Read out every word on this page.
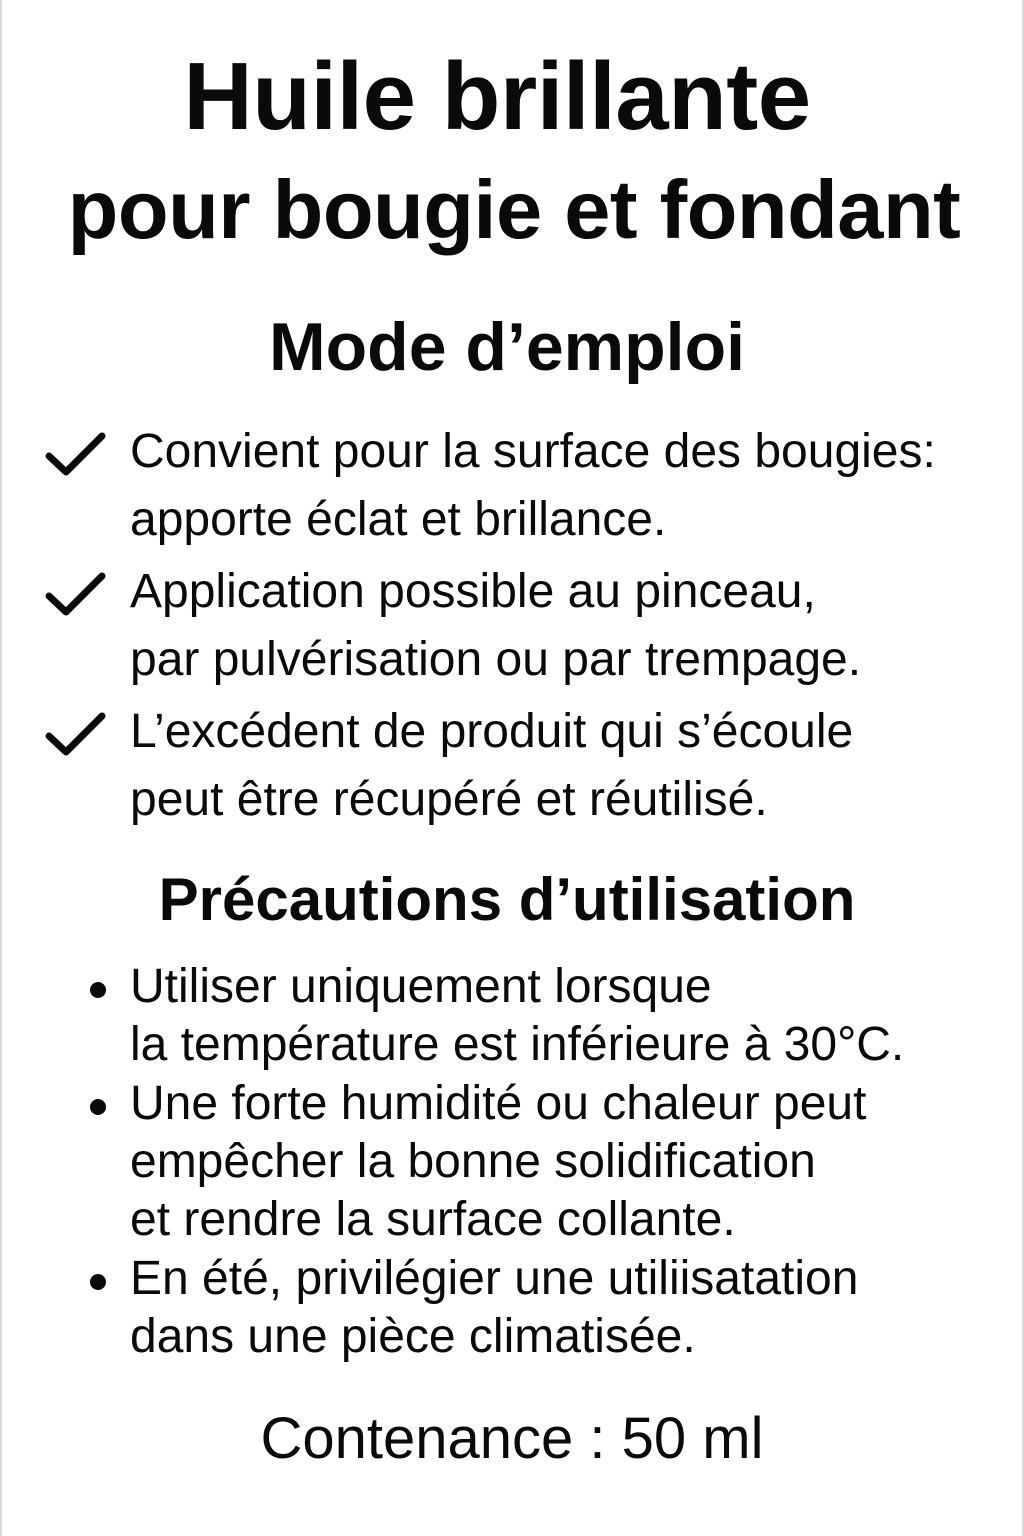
Huile brillante
pour bougie et fondant
Mode d’emploi
Convient pour la surface des bougies:
apporte éclat et brillance.
Application possible au pinceau,
par pulvérisation ou par trempage.
L’excédent de produit qui s’écoule
peut être récupéré et réutilisé.
Précautions d’utilisation
Utiliser uniquement lorsque
la température est inférieure à 30°C.
Une forte humidité ou chaleur peut
empêcher la bonne solidification
et rendre la surface collante.
En été, privilégier une utiliisatation
dans une pièce climatisée.
Contenance : 50 ml
